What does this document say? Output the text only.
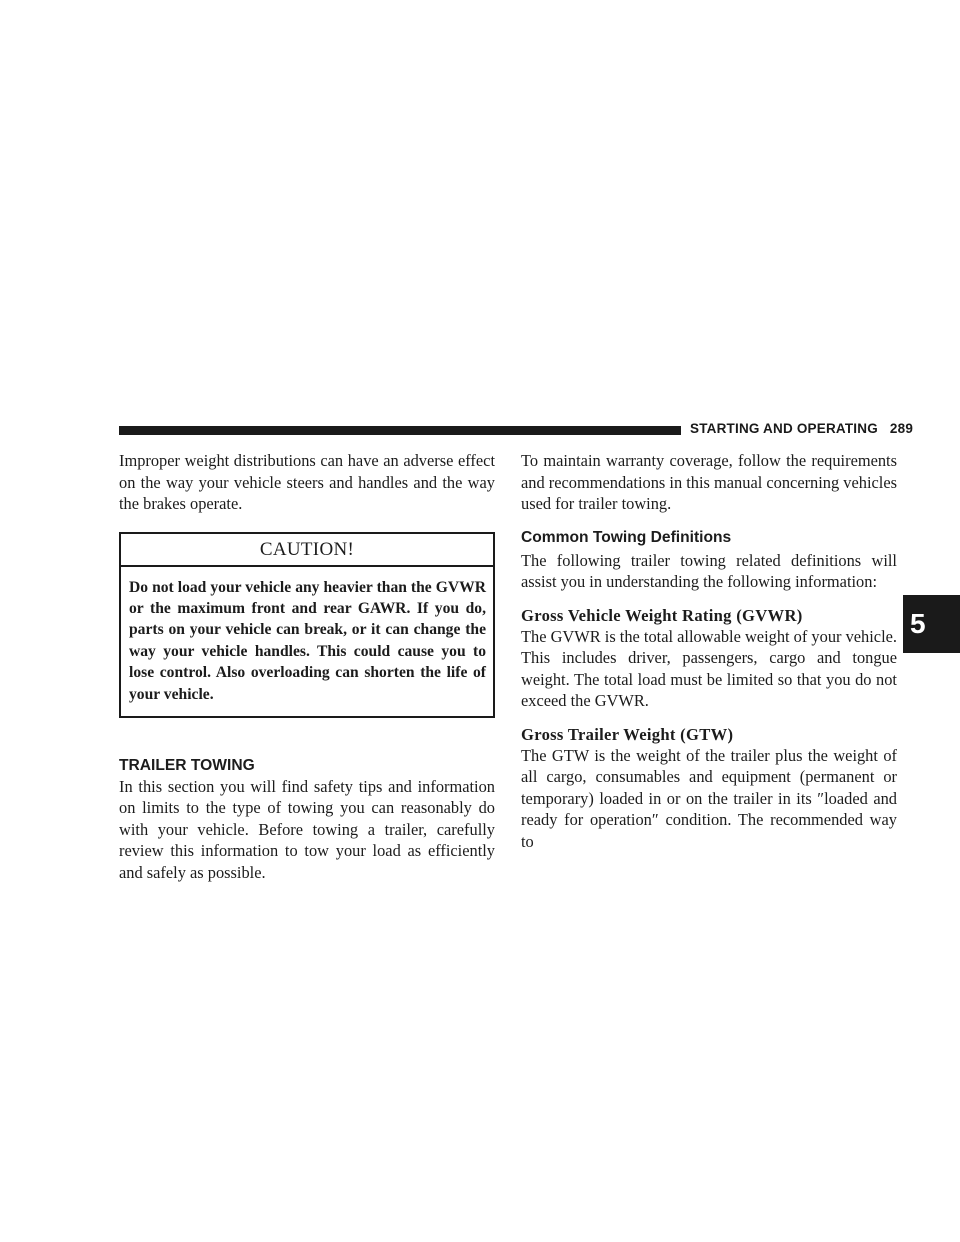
STARTING AND OPERATING 289
5

Improper weight distributions can have an adverse effect on the way your vehicle steers and handles and the way the brakes operate.

CAUTION!
Do not load your vehicle any heavier than the GVWR or the maximum front and rear GAWR. If you do, parts on your vehicle can break, or it can change the way your vehicle handles. This could cause you to lose control. Also overloading can shorten the life of your vehicle.
TRAILER TOWING

In this section you will find safety tips and information on limits to the type of towing you can reasonably do with your vehicle. Before towing a trailer, carefully review this information to tow your load as efficiently and safely as possible.

To maintain warranty coverage, follow the requirements and recommendations in this manual concerning vehicles used for trailer towing.

Common Towing Definitions

The following trailer towing related definitions will assist you in understanding the following information:

Gross Vehicle Weight Rating (GVWR)

The GVWR is the total allowable weight of your vehicle. This includes driver, passengers, cargo and tongue weight. The total load must be limited so that you do not exceed the GVWR.

Gross Trailer Weight (GTW)

The GTW is the weight of the trailer plus the weight of all cargo, consumables and equipment (permanent or temporary) loaded in or on the trailer in its ″loaded and ready for operation″ condition. The recommended way to
